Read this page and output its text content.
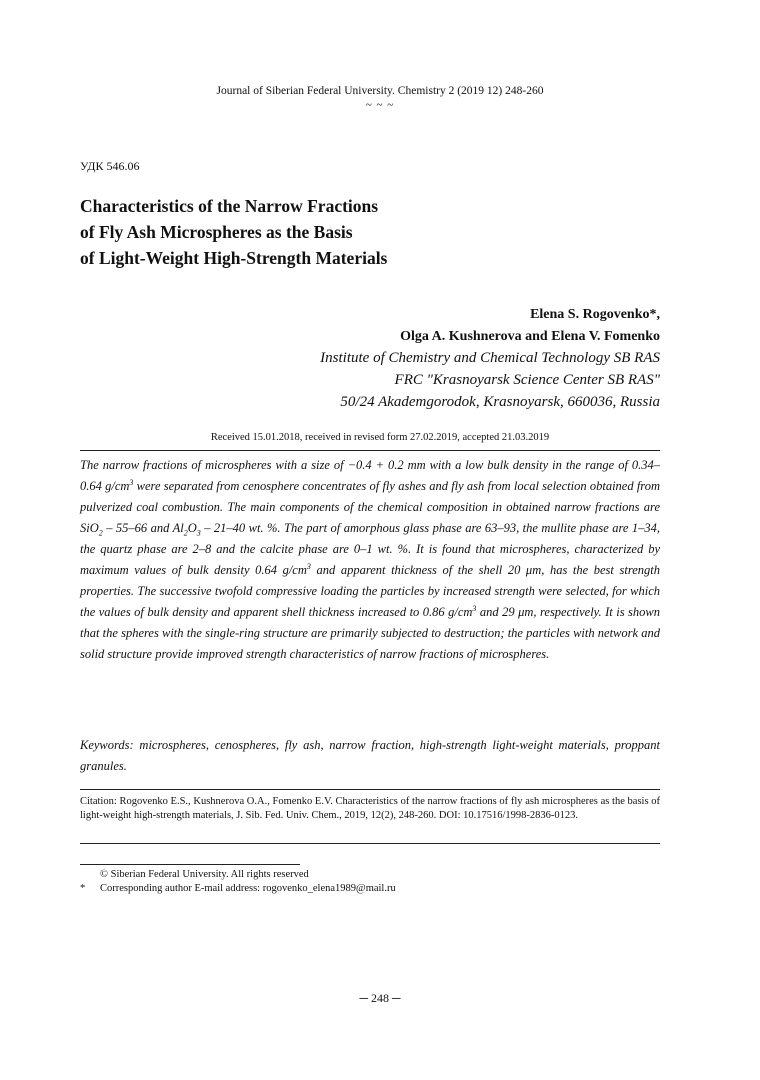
Journal of Siberian Federal University. Chemistry 2 (2019 12) 248-260
~ ~ ~
УДК 546.06
Characteristics of the Narrow Fractions
of Fly Ash Microspheres as the Basis
of Light-Weight High-Strength Materials
Elena S. Rogovenko*,
Olga A. Kushnerova and Elena V. Fomenko
Institute of Chemistry and Chemical Technology SB RAS
FRC "Krasnoyarsk Science Center SB RAS"
50/24 Akademgorodok, Krasnoyarsk, 660036, Russia
Received 15.01.2018, received in revised form 27.02.2019, accepted 21.03.2019

The narrow fractions of microspheres with a size of −0.4 + 0.2 mm with a low bulk density in the range of 0.34–0.64 $g/cm^3$ were separated from cenosphere concentrates of fly ashes and fly ash from local selection obtained from pulverized coal combustion. The main components of the chemical composition in obtained narrow fractions are SiO$_2$ – 55–66 and $Al_2O_3 - 21-40$ wt. %. The part of amorphous glass phase are 63–93, the mullite phase are 1–34, the quartz phase are 2–8 and the calcite phase are 0–1 wt. %. It is found that microspheres, characterized by maximum values of bulk density 0.64 $g/cm^3$ and apparent thickness of the shell 20 μm, has the best strength properties. The successive twofold compressive loading the particles by increased strength were selected, for which the values of bulk density and apparent shell thickness increased to 0.86 $g/cm^3$ and 29 μm, respectively. It is shown that the spheres with the single-ring structure are primarily subjected to destruction; the particles with network and solid structure provide improved strength characteristics of narrow fractions of microspheres.

Keywords: microspheres, cenospheres, fly ash, narrow fraction, high-strength light-weight materials, proppant granules.

Citation: Rogovenko E.S., Kushnerova O.A., Fomenko E.V. Characteristics of the narrow fractions of fly ash microspheres as the basis of light-weight high-strength materials, J. Sib. Fed. Univ. Chem., 2019, 12(2), 248-260. DOI: 10.17516/1998-2836-0123.

© Siberian Federal University. All rights reserved
* Corresponding author E-mail address: rogovenko_elena1989@mail.ru
─ 248 ─
